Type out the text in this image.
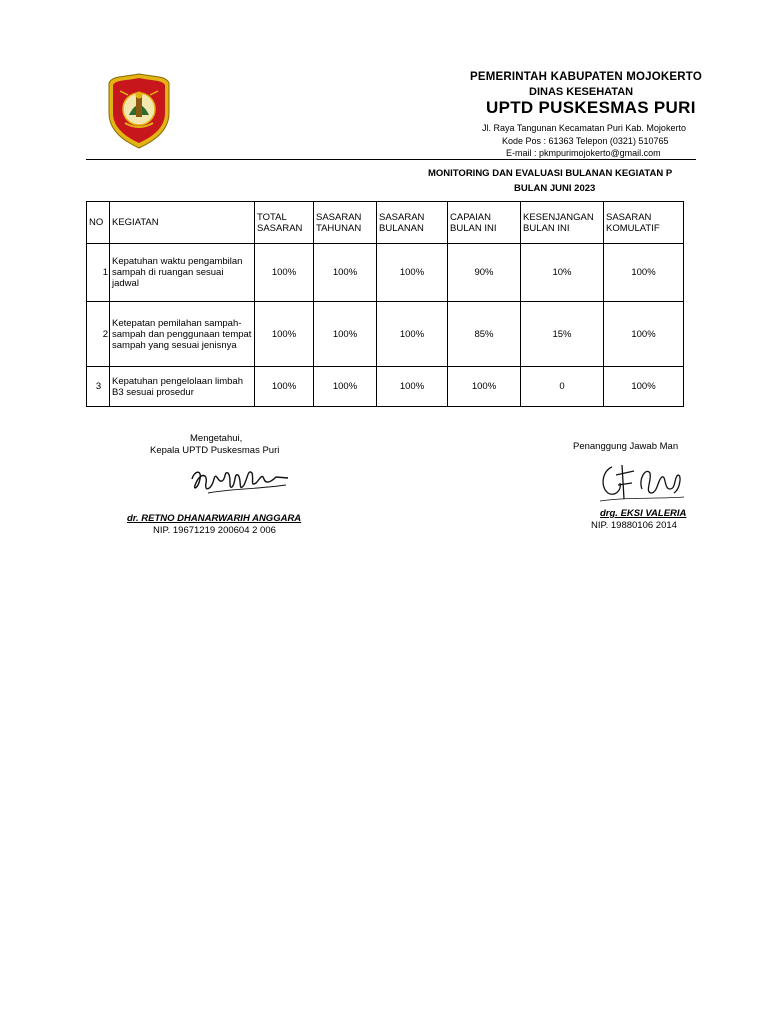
PEMERINTAH KABUPATEN MOJOKERTO
DINAS KESEHATAN
UPTD PUSKESMAS PURI
Jl. Raya Tangunan Kecamatan Puri Kab. Mojokerto
Kode Pos : 61363 Telepon (0321) 510765
E-mail : pkmpurimojokerto@gmail.com
MONITORING DAN EVALUASI BULANAN KEGIATAN P
BULAN JUNI 2023
NO	KEGIATAN	TOTAL SASARAN	SASARAN TAHUNAN	SASARAN BULANAN	CAPAIAN BULAN INI	KESENJANGAN BULAN INI	SASARAN KOMULATIF
1	Kepatuhan waktu pengambilan sampah di ruangan sesuai jadwal	100%	100%	100%	90%	10%	100%
2	Ketepatan pemilahan sampah-sampah dan penggunaan tempat sampah yang sesuai jenisnya	100%	100%	100%	85%	15%	100%
3	Kepatuhan pengelolaan limbah B3 sesuai prosedur	100%	100%	100%	100%	0	100%
Mengetahui,
Kepala UPTD Puskesmas Puri
dr. RETNO DHANARWARIH ANGGARA
NIP. 19671219 200604 2 006
Penanggung Jawab Man
drg. EKSI VALERIA
NIP. 19880106 2014
